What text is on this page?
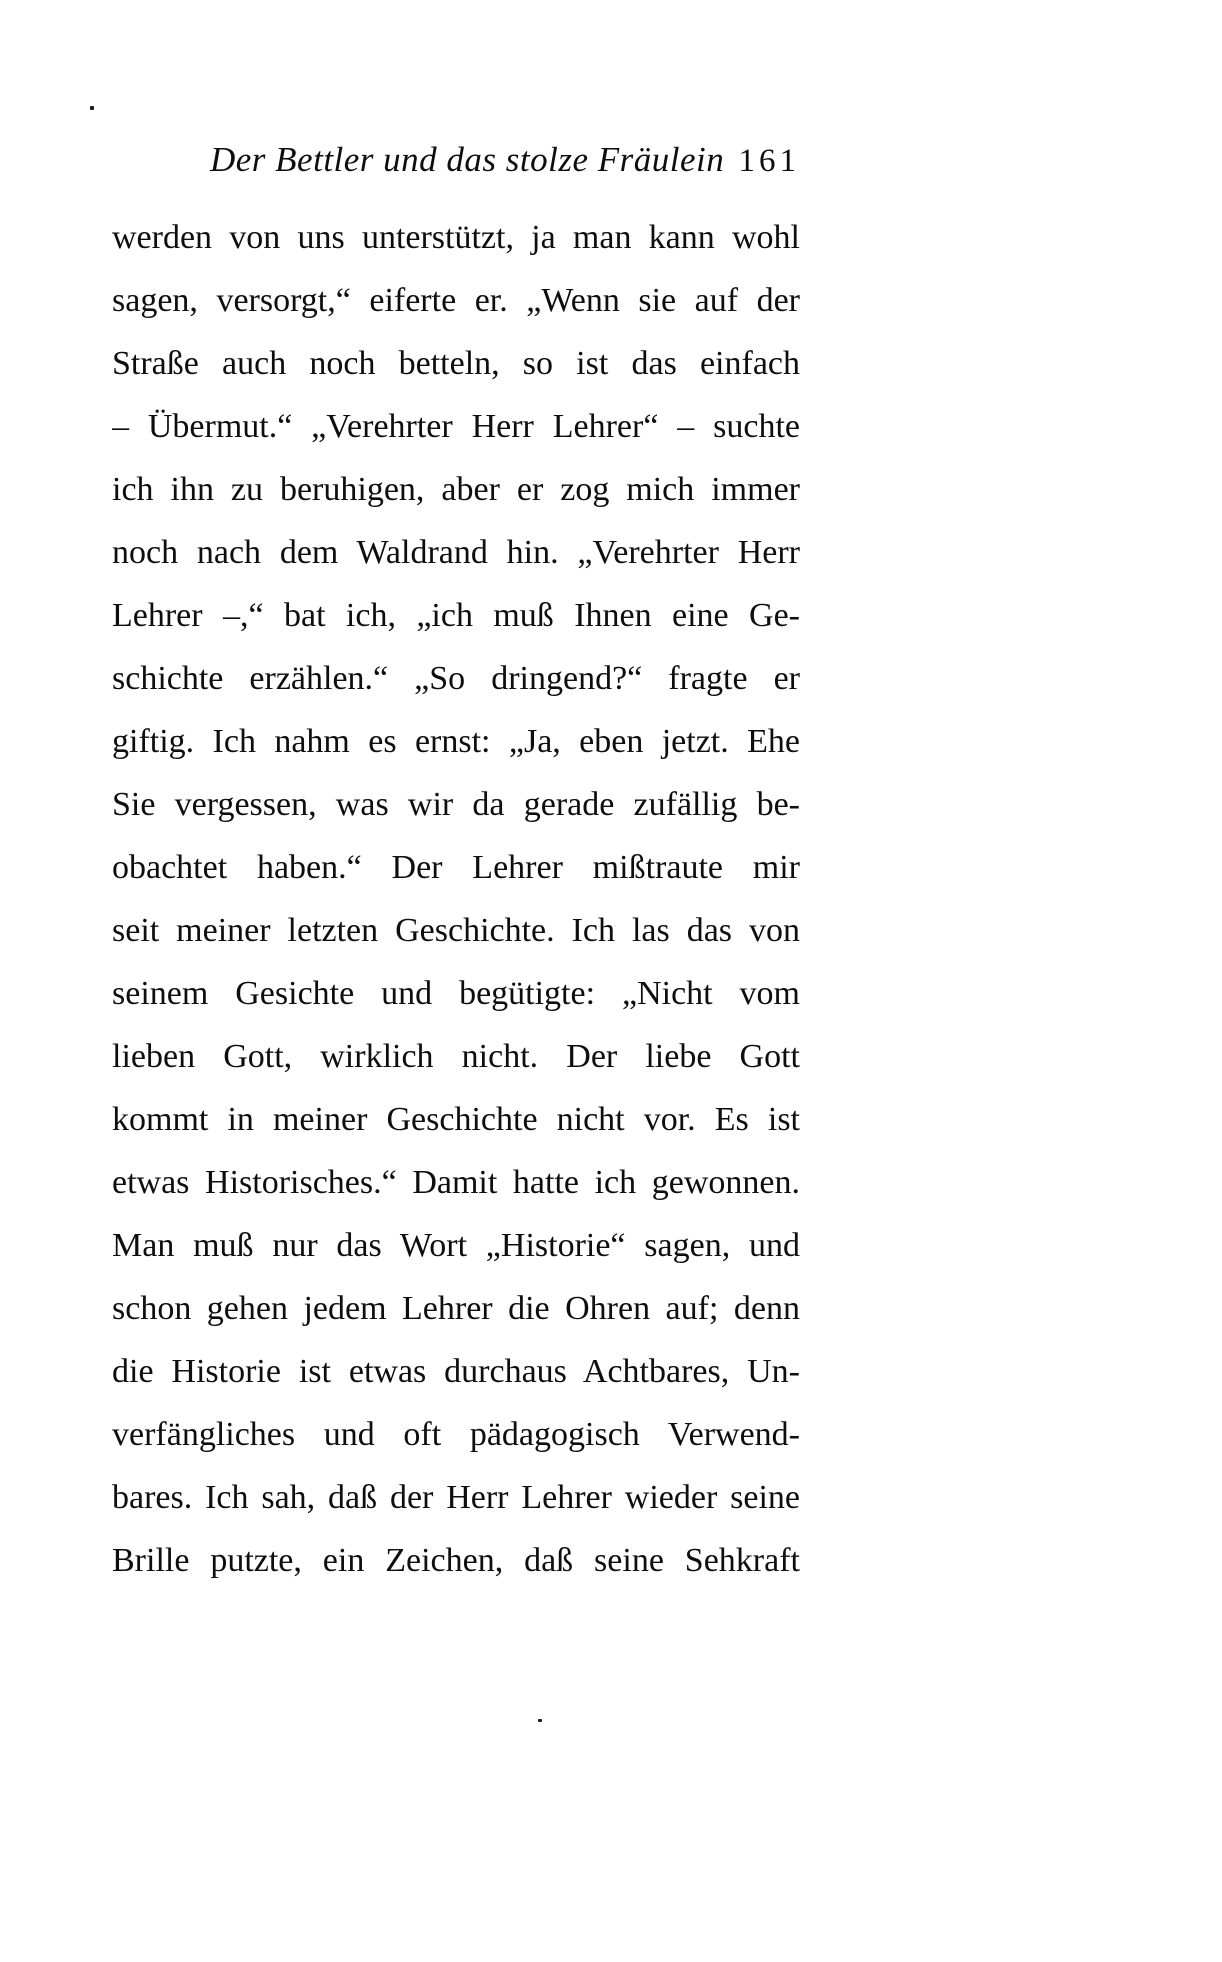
Der Bettler und das stolze Fräulein 161
werden von uns unterstützt, ja man kann wohl
sagen, versorgt,“ eiferte er. „Wenn sie auf der
Straße auch noch betteln, so ist das einfach
– Übermut.“ „Verehrter Herr Lehrer“ – suchte
ich ihn zu beruhigen, aber er zog mich immer
noch nach dem Waldrand hin. „Verehrter Herr
Lehrer –,“ bat ich, „ich muß Ihnen eine Ge-
schichte erzählen.“ „So dringend?“ fragte er
giftig. Ich nahm es ernst: „Ja, eben jetzt. Ehe
Sie vergessen, was wir da gerade zufällig be-
obachtet haben.“ Der Lehrer mißtraute mir
seit meiner letzten Geschichte. Ich las das von
seinem Gesichte und begütigte: „Nicht vom
lieben Gott, wirklich nicht. Der liebe Gott
kommt in meiner Geschichte nicht vor. Es ist
etwas Historisches.“ Damit hatte ich gewonnen.
Man muß nur das Wort „Historie“ sagen, und
schon gehen jedem Lehrer die Ohren auf; denn
die Historie ist etwas durchaus Achtbares, Un-
verfängliches und oft pädagogisch Verwend-
bares. Ich sah, daß der Herr Lehrer wieder seine
Brille putzte, ein Zeichen, daß seine Sehkraft
